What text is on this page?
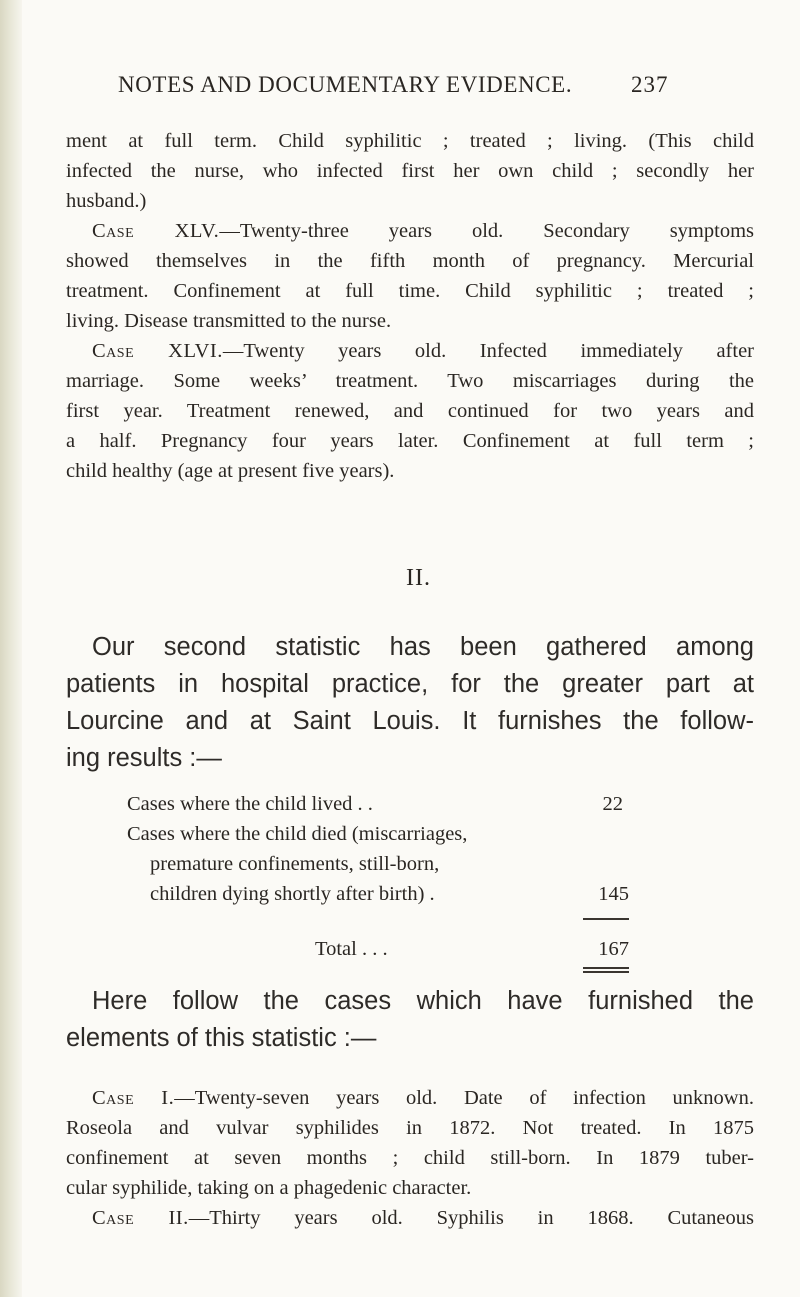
NOTES AND DOCUMENTARY EVIDENCE.	237
ment at full term. Child syphilitic ; treated ; living. (This child
infected the nurse, who infected first her own child ; secondly her
husband.)
Case XLV.—Twenty-three years old. Secondary symptoms
showed themselves in the fifth month of pregnancy. Mercurial
treatment. Confinement at full time. Child syphilitic ; treated ;
living. Disease transmitted to the nurse.
Case XLVI.—Twenty years old. Infected immediately after
marriage. Some weeks’ treatment. Two miscarriages during the
first year. Treatment renewed, and continued for two years and
a half. Pregnancy four years later. Confinement at full term ;
child healthy (age at present five years).
II.
Our second statistic has been gathered among
patients in hospital practice, for the greater part at
Lourcine and at Saint Louis. It furnishes the follow-
ing results :—
Cases where the child lived . .	22
Cases where the child died (miscarriages,
premature confinements, still-born,
children dying shortly after birth) .	145
Total . . .	167
Here follow the cases which have furnished the
elements of this statistic :—
Case I.—Twenty-seven years old. Date of infection unknown.
Roseola and vulvar syphilides in 1872. Not treated. In 1875
confinement at seven months ; child still-born. In 1879 tuber-
cular syphilide, taking on a phagedenic character.
Case II.—Thirty years old. Syphilis in 1868. Cutaneous
